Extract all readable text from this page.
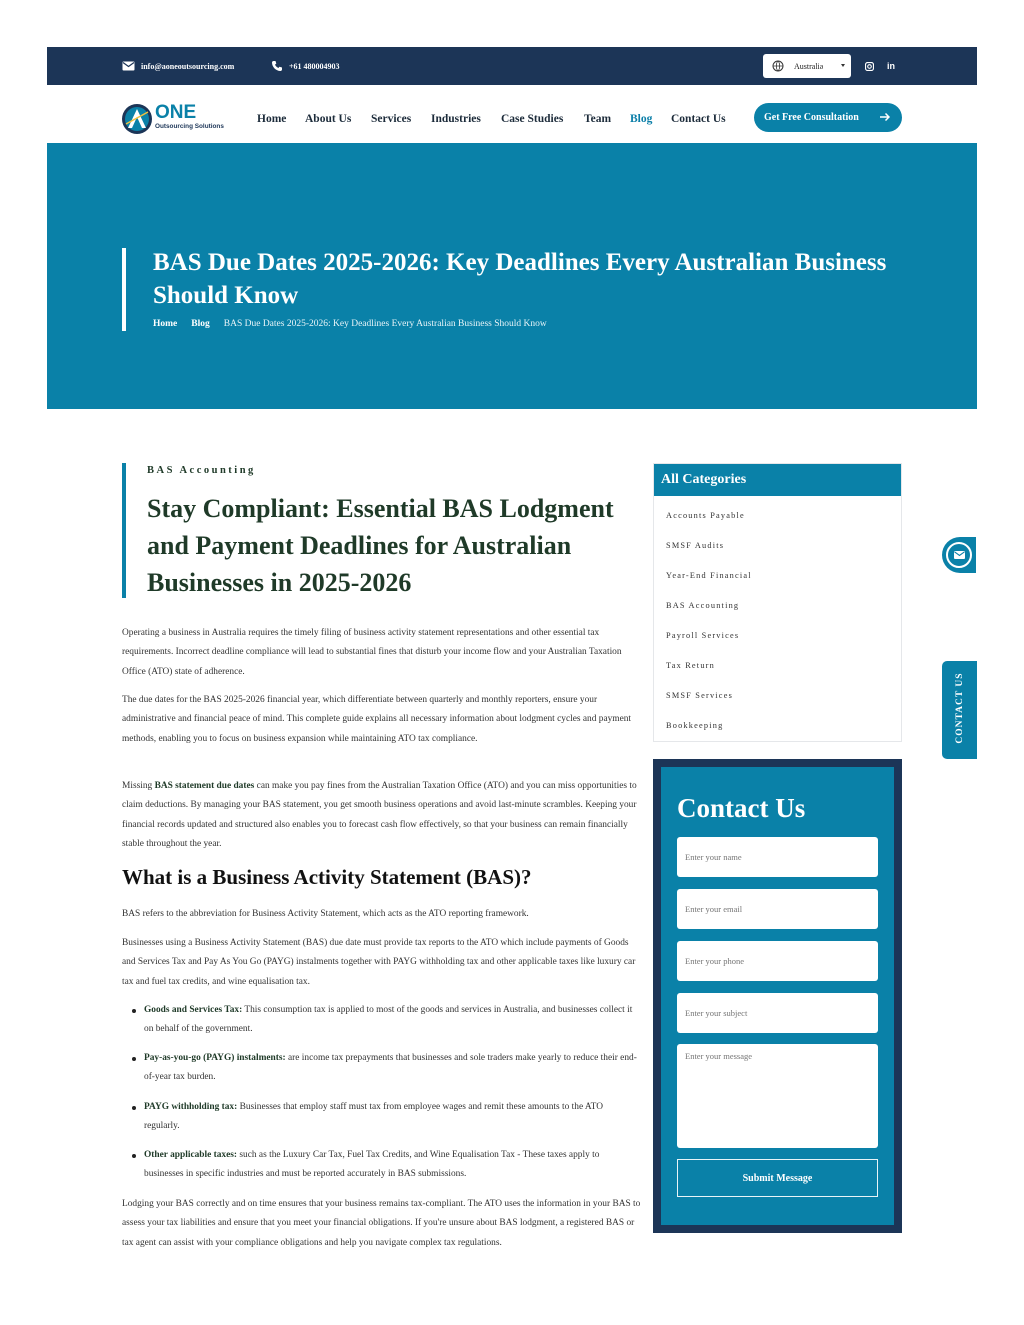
info@aoneoutsourcing.com	+61 480004903	Australia
𝕏	f	in
ONE
Outsourcing Solutions
Home About Us Services Industries Case Studies Team Blog Contact Us	Get Free Consultation
BAS Due Dates 2025-2026: Key Deadlines Every Australian Business Should Know
Home Blog BAS Due Dates 2025-2026: Key Deadlines Every Australian Business Should Know
BAS Accounting
Stay Compliant: Essential BAS Lodgment and Payment Deadlines for Australian Businesses in 2025-2026

Operating a business in Australia requires the timely filing of business activity statement representations and other essential tax requirements. Incorrect deadline compliance will lead to substantial fines that disturb your income flow and your Australian Taxation Office (ATO) state of adherence.

The due dates for the BAS 2025-2026 financial year, which differentiate between quarterly and monthly reporters, ensure your administrative and financial peace of mind. This complete guide explains all necessary information about lodgment cycles and payment methods, enabling you to focus on business expansion while maintaining ATO tax compliance.

Missing BAS statement due dates can make you pay fines from the Australian Taxation Office (ATO) and you can miss opportunities to claim deductions. By managing your BAS statement, you get smooth business operations and avoid last-minute scrambles. Keeping your financial records updated and structured also enables you to forecast cash flow effectively, so that your business can remain financially stable throughout the year.

What is a Business Activity Statement (BAS)?

BAS refers to the abbreviation for Business Activity Statement, which acts as the ATO reporting framework.

Businesses using a Business Activity Statement (BAS) due date must provide tax reports to the ATO which include payments of Goods and Services Tax and Pay As You Go (PAYG) instalments together with PAYG withholding tax and other applicable taxes like luxury car tax and fuel tax credits, and wine equalisation tax.

Goods and Services Tax: This consumption tax is applied to most of the goods and services in Australia, and businesses collect it on behalf of the government.
Pay-as-you-go (PAYG) instalments: are income tax prepayments that businesses and sole traders make yearly to reduce their end-of-year tax burden.
PAYG withholding tax: Businesses that employ staff must tax from employee wages and remit these amounts to the ATO regularly.
Other applicable taxes: such as the Luxury Car Tax, Fuel Tax Credits, and Wine Equalisation Tax - These taxes apply to businesses in specific industries and must be reported accurately in BAS submissions.

Lodging your BAS correctly and on time ensures that your business remains tax-compliant. The ATO uses the information in your BAS to assess your tax liabilities and ensure that you meet your financial obligations. If you're unsure about BAS lodgment, a registered BAS or tax agent can assist with your compliance obligations and help you navigate complex tax regulations.

All Categories
Accounts Payable
SMSF Audits
Year-End Financial
BAS Accounting
Payroll Services
Tax Return
SMSF Services
Bookkeeping
Contact Us
Enter your name
Enter your email
Enter your phone
Enter your subject
Enter your message
Submit Message
CONTACT US
